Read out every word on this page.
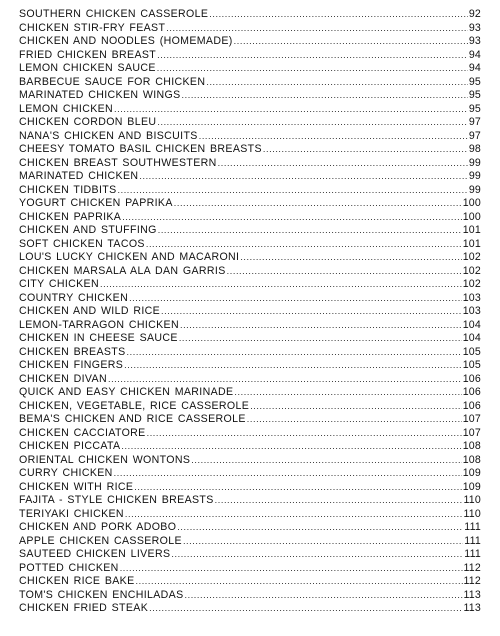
SOUTHERN CHICKEN CASSEROLE .....	92
CHICKEN STIR-FRY FEAST .....	93
CHICKEN AND NOODLES (HOMEMADE) .....	93
FRIED CHICKEN BREAST .....	94
LEMON CHICKEN SAUCE .....	94
BARBECUE SAUCE FOR CHICKEN .....	95
MARINATED CHICKEN WINGS .....	95
LEMON CHICKEN .....	95
CHICKEN CORDON BLEU .....	97
NANA'S CHICKEN AND BISCUITS .....	97
CHEESY TOMATO BASIL CHICKEN BREASTS .....	98
CHICKEN BREAST SOUTHWESTERN .....	99
MARINATED CHICKEN .....	99
CHICKEN TIDBITS .....	99
YOGURT CHICKEN PAPRIKA .....	100
CHICKEN PAPRIKA .....	100
CHICKEN AND STUFFING .....	101
SOFT CHICKEN TACOS .....	101
LOU'S LUCKY CHICKEN AND MACARONI .....	102
CHICKEN MARSALA ALA DAN GARRIS .....	102
CITY CHICKEN .....	102
COUNTRY CHICKEN .....	103
CHICKEN AND WILD RICE .....	103
LEMON-TARRAGON CHICKEN .....	104
CHICKEN IN CHEESE SAUCE .....	104
CHICKEN BREASTS .....	105
CHICKEN FINGERS .....	105
CHICKEN DIVAN .....	106
QUICK AND EASY CHICKEN MARINADE .....	106
CHICKEN, VEGETABLE, RICE CASSEROLE .....	106
BEMA'S CHICKEN AND RICE CASSEROLE .....	107
CHICKEN CACCIATORE .....	107
CHICKEN PICCATA .....	108
ORIENTAL CHICKEN WONTONS .....	108
CURRY CHICKEN .....	109
CHICKEN WITH RICE .....	109
FAJITA - STYLE CHICKEN BREASTS .....	110
TERIYAKI CHICKEN .....	110
CHICKEN AND PORK ADOBO .....	111
APPLE CHICKEN CASSEROLE .....	111
SAUTEED CHICKEN LIVERS .....	111
POTTED CHICKEN .....	112
CHICKEN RICE BAKE .....	112
TOM'S CHICKEN ENCHILADAS .....	113
CHICKEN FRIED STEAK .....	113
